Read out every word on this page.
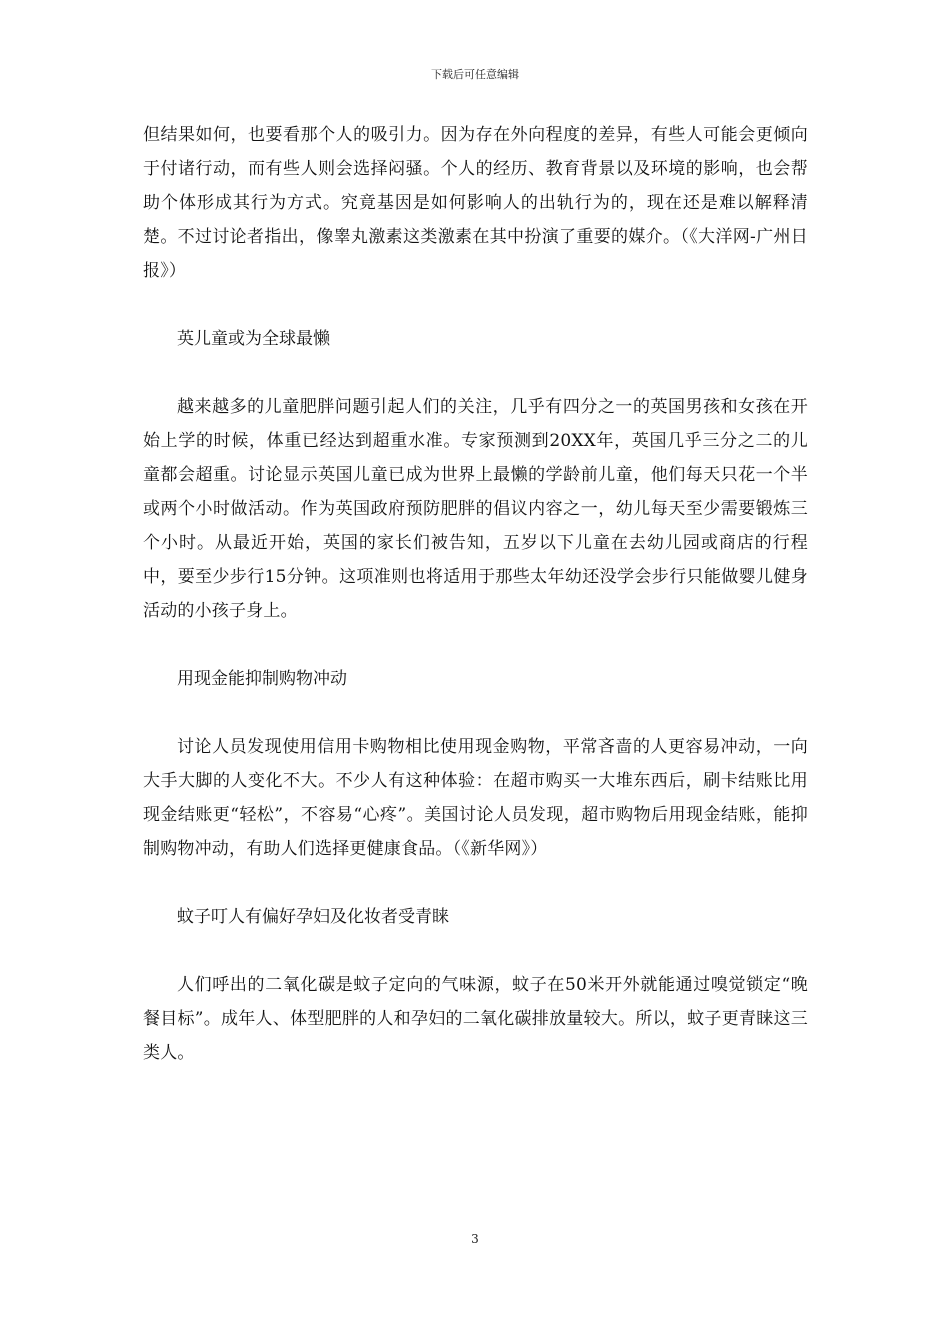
下载后可任意编辑

但结果如何，也要看那个人的吸引力。因为存在外向程度的差异，有些人可能会更倾向于付诸行动，而有些人则会选择闷骚。个人的经历、教育背景以及环境的影响，也会帮助个体形成其行为方式。究竟基因是如何影响人的出轨行为的，现在还是难以解释清楚。不过讨论者指出，像睾丸激素这类激素在其中扮演了重要的媒介。（《大洋网-广州日报》）

英儿童或为全球最懒

越来越多的儿童肥胖问题引起人们的关注，几乎有四分之一的英国男孩和女孩在开始上学的时候，体重已经达到超重水准。专家预测到20XX年，英国几乎三分之二的儿童都会超重。讨论显示英国儿童已成为世界上最懒的学龄前儿童，他们每天只花一个半或两个小时做活动。作为英国政府预防肥胖的倡议内容之一，幼儿每天至少需要锻炼三个小时。从最近开始，英国的家长们被告知，五岁以下儿童在去幼儿园或商店的行程中，要至少步行15分钟。这项准则也将适用于那些太年幼还没学会步行只能做婴儿健身活动的小孩子身上。

用现金能抑制购物冲动

讨论人员发现使用信用卡购物相比使用现金购物，平常吝啬的人更容易冲动，一向大手大脚的人变化不大。不少人有这种体验：在超市购买一大堆东西后，刷卡结账比用现金结账更“轻松”，不容易“心疼”。美国讨论人员发现，超市购物后用现金结账，能抑制购物冲动，有助人们选择更健康食品。（《新华网》）

蚊子叮人有偏好孕妇及化妆者受青睐

人们呼出的二氧化碳是蚊子定向的气味源，蚊子在50米开外就能通过嗅觉锁定“晚餐目标”。成年人、体型肥胖的人和孕妇的二氧化碳排放量较大。所以，蚊子更青睐这三类人。

3
